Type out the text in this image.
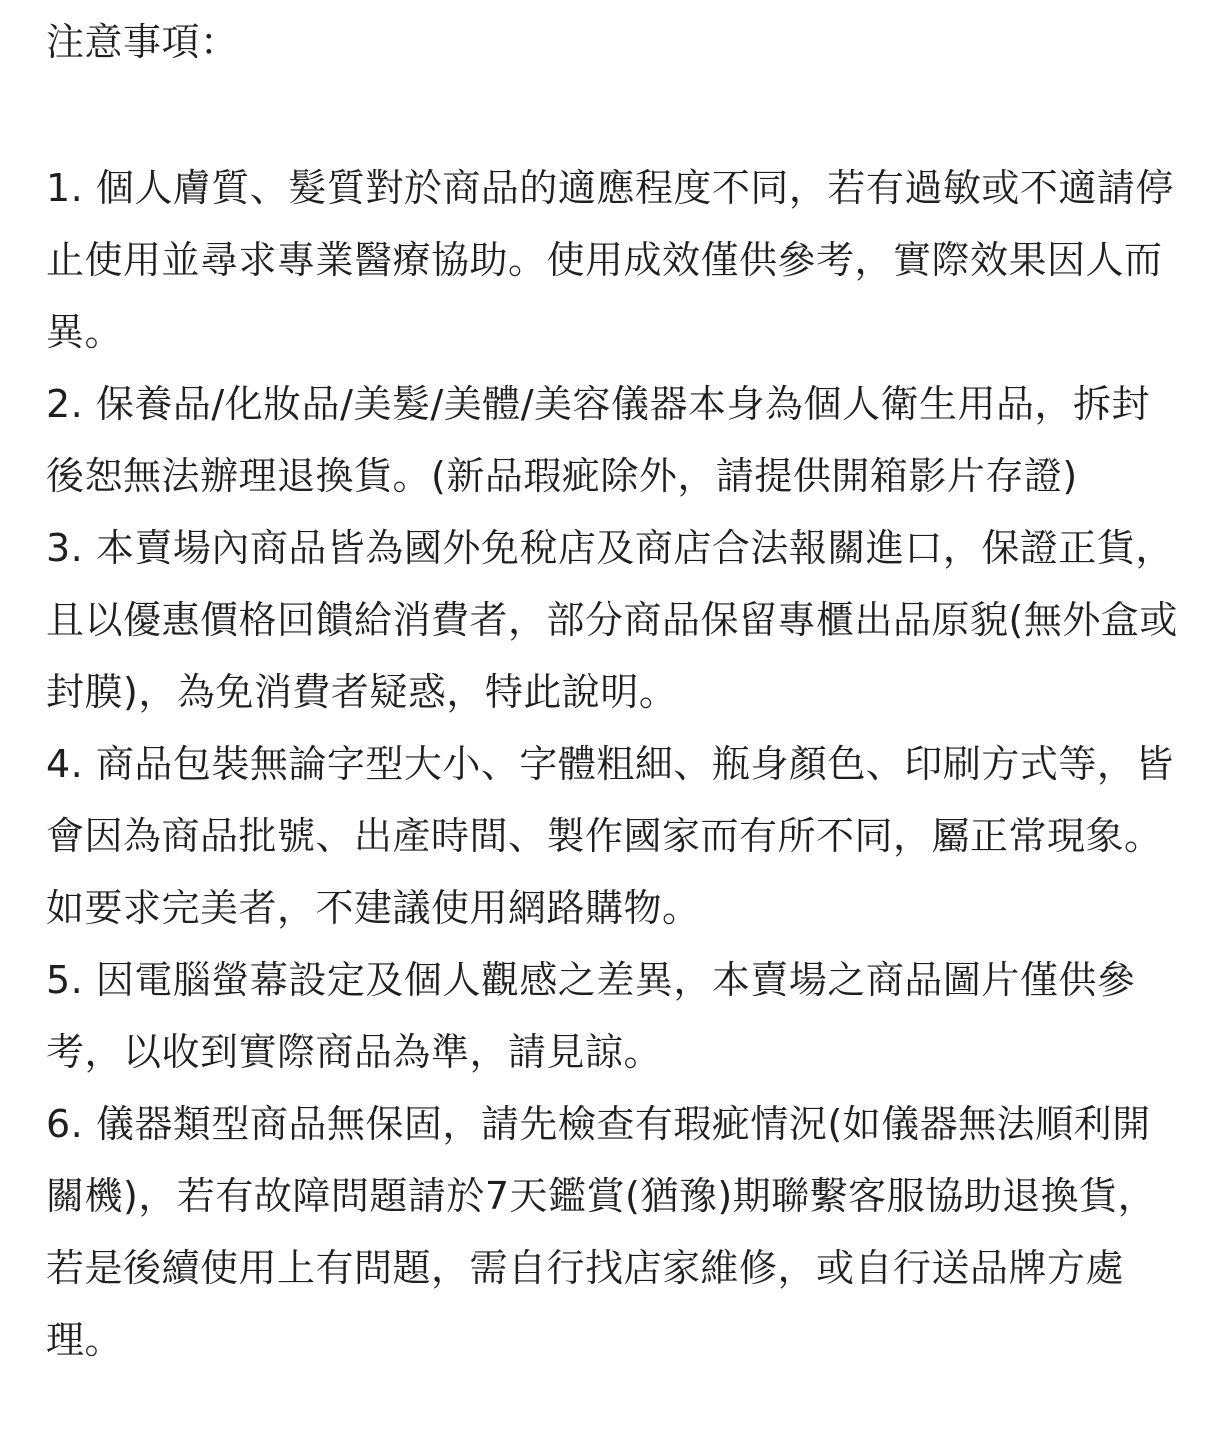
注意事項：
1. 個人膚質、髮質對於商品的適應程度不同，若有過敏或不適請停止使用並尋求專業醫療協助。使用成效僅供參考，實際效果因人而異。
2. 保養品/化妝品/美髮/美體/美容儀器本身為個人衛生用品，拆封後恕無法辦理退換貨。(新品瑕疵除外，請提供開箱影片存證)
3. 本賣場內商品皆為國外免稅店及商店合法報關進口，保證正貨，且以優惠價格回饋給消費者，部分商品保留專櫃出品原貌(無外盒或封膜)，為免消費者疑惑，特此說明。
4. 商品包裝無論字型大小、字體粗細、瓶身顏色、印刷方式等，皆會因為商品批號、出產時間、製作國家而有所不同，屬正常現象。如要求完美者，不建議使用網路購物。
5. 因電腦螢幕設定及個人觀感之差異，本賣場之商品圖片僅供參考，以收到實際商品為準，請見諒。
6. 儀器類型商品無保固，請先檢查有瑕疵情況(如儀器無法順利開關機)，若有故障問題請於7天鑑賞(猶豫)期聯繫客服協助退換貨，若是後續使用上有問題，需自行找店家維修，或自行送品牌方處理。
